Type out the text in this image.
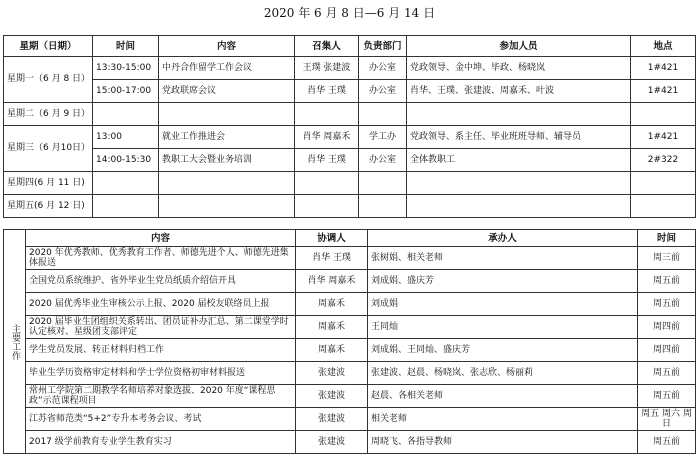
2020 年 6 月 8 日—6 月 14 日
星期（日期）	时间	内容	召集人	负责部门	参加人员	地点
星期一（6 月 8 日）	13:30-15:00	中丹合作留学工作会议	王璞 张建波	办公室	党政领导、金中坤、毕政、杨晓岚	1#421
	15:00-17:00	党政联席会议	肖华 王璞	办公室	肖华、王璞、张建波、周嘉禾、叶波	1#421
星期二（6 月 9 日）						
星期三（6 月10日）	13:00	就业工作推进会	肖华 周嘉禾	学工办	党政领导、系主任、毕业班班导师、辅导员	1#421
	14:00-15:30	教职工大会暨业务培训	肖华 王璞	办公室	全体教职工	2#322
星期四(6 月 11 日)						
星期五(6 月 12 日)						
主要工作	内容	协调人	承办人	时间
	2020 年优秀教师、优秀教育工作者、师德先进个人、师德先进集体报送	肖华 王璞	张树娟、相关老师	周三前
	全国党员系统维护、省外毕业生党员纸质介绍信开具	肖华 周嘉禾	刘成娟、盛庆芳	周五前
	2020 届优秀毕业生审核公示上报、2020 届校友联络员上报	周嘉禾	刘成娟	周五前
	2020 届毕业生团组织关系转出、团员证补办汇总、第二课堂学时认定核对、星级团支部评定	周嘉禾	王同灿	周四前
	学生党员发展、转正材料归档工作	周嘉禾	刘成娟、王同灿、盛庆芳	周四前
	毕业生学历资格审定材料和学士学位资格初审材料报送	张建波	张建波、赵晨、杨晓岚、张志欣、杨丽莉	周五前
	常州工学院第二期教学名师培养对象选拔、2020 年度“课程思政”示范课程项目	张建波	赵晨、各相关老师	周五前
	江苏省师范类“5+2”专升本考务会议、考试	张建波	相关老师	周五 周六 周日
	2017 级学前教育专业学生教育实习	张建波	周晓飞、各指导教师	周五前
